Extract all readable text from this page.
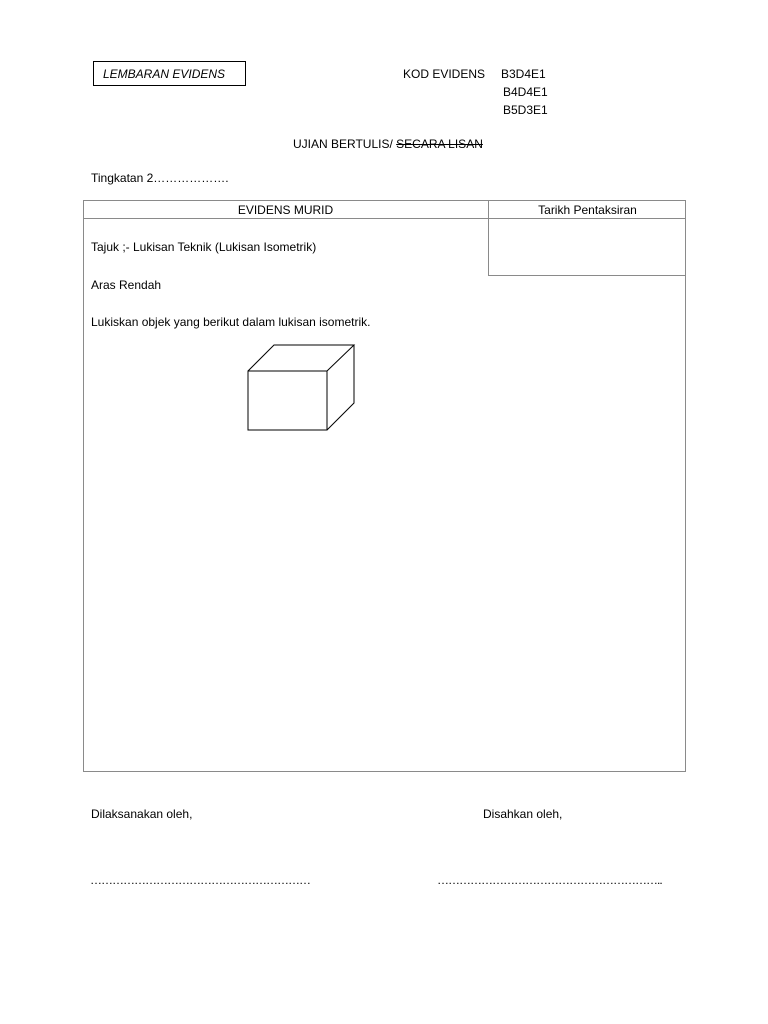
LEMBARAN EVIDENS	KOD EVIDENS B3D4E1
B4D4E1
B5D3E1
UJIAN BERTULIS/ SECARA LISAN
Tingkatan 2……………….
EVIDENS MURID	Tarikh Pentaksiran
Tajuk ;- Lukisan Teknik (Lukisan Isometrik)
Aras Rendah
Lukiskan objek yang berikut dalam lukisan isometrik.
Dilaksanakan oleh,	Disahkan oleh,
……………………………………………………	……………………………………………………..
